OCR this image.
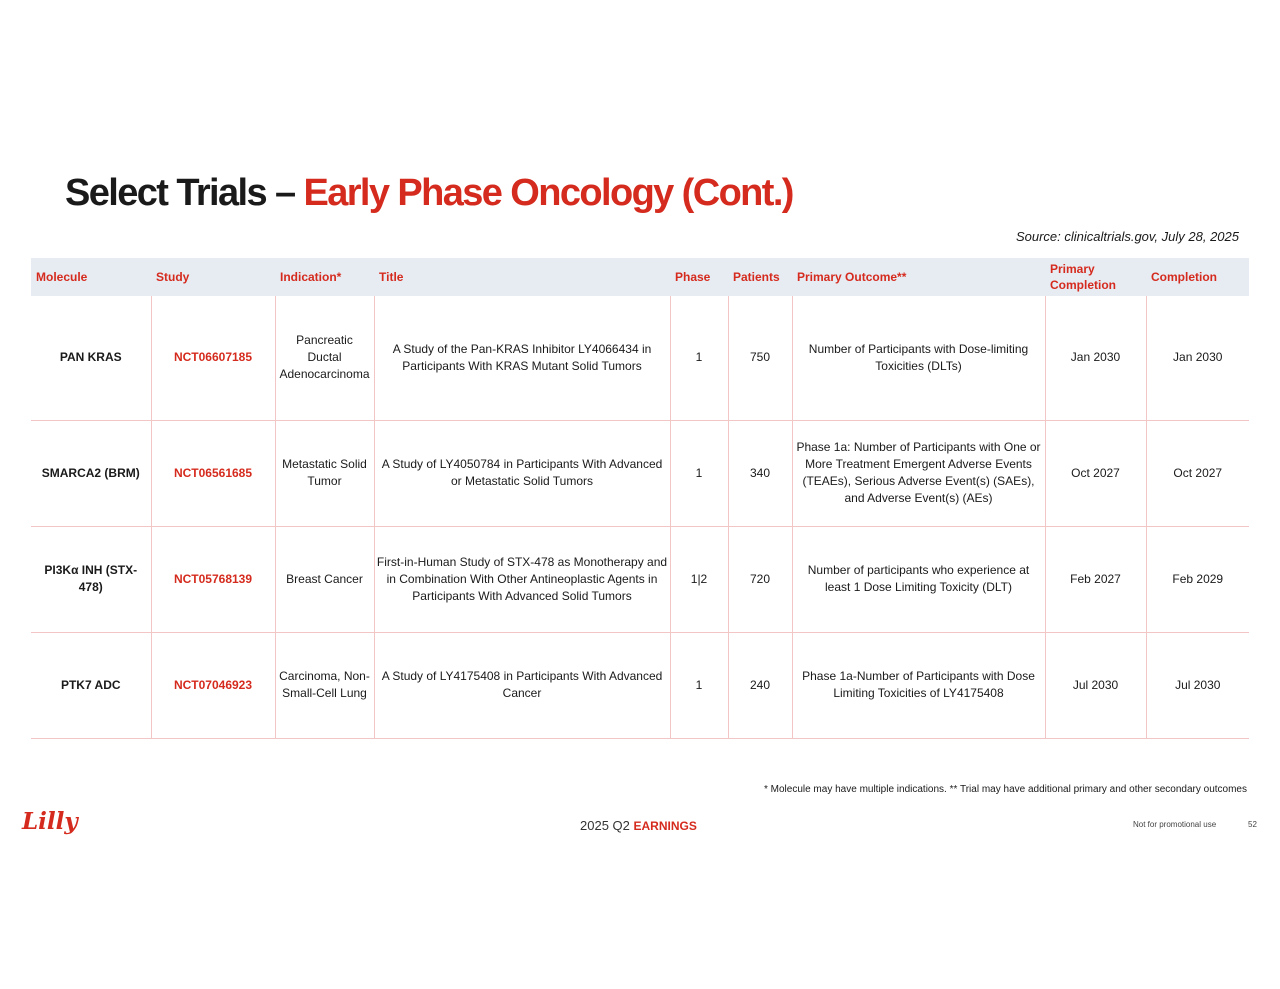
Select Trials – Early Phase Oncology (Cont.)
Source: clinicaltrials.gov, July 28, 2025
Molecule	Study	Indication*	Title	Phase	Patients	Primary Outcome**	Primary Completion	Completion
PAN KRAS	NCT06607185	Pancreatic Ductal Adenocarcinoma	A Study of the Pan-KRAS Inhibitor LY4066434 in Participants With KRAS Mutant Solid Tumors	1	750	Number of Participants with Dose-limiting Toxicities (DLTs)	Jan 2030	Jan 2030
SMARCA2 (BRM)	NCT06561685	Metastatic Solid Tumor	A Study of LY4050784 in Participants With Advanced or Metastatic Solid Tumors	1	340	Phase 1a: Number of Participants with One or More Treatment Emergent Adverse Events (TEAEs), Serious Adverse Event(s) (SAEs), and Adverse Event(s) (AEs)	Oct 2027	Oct 2027
PI3Kα INH (STX-478)	NCT05768139	Breast Cancer	First-in-Human Study of STX-478 as Monotherapy and in Combination With Other Antineoplastic Agents in Participants With Advanced Solid Tumors	1|2	720	Number of participants who experience at least 1 Dose Limiting Toxicity (DLT)	Feb 2027	Feb 2029
PTK7 ADC	NCT07046923	Carcinoma, Non-Small-Cell Lung	A Study of LY4175408 in Participants With Advanced Cancer	1	240	Phase 1a-Number of Participants with Dose Limiting Toxicities of LY4175408	Jul 2030	Jul 2030
* Molecule may have multiple indications. ** Trial may have additional primary and other secondary outcomes
Lilly	2025 Q2 EARNINGS	Not for promotional use	52
